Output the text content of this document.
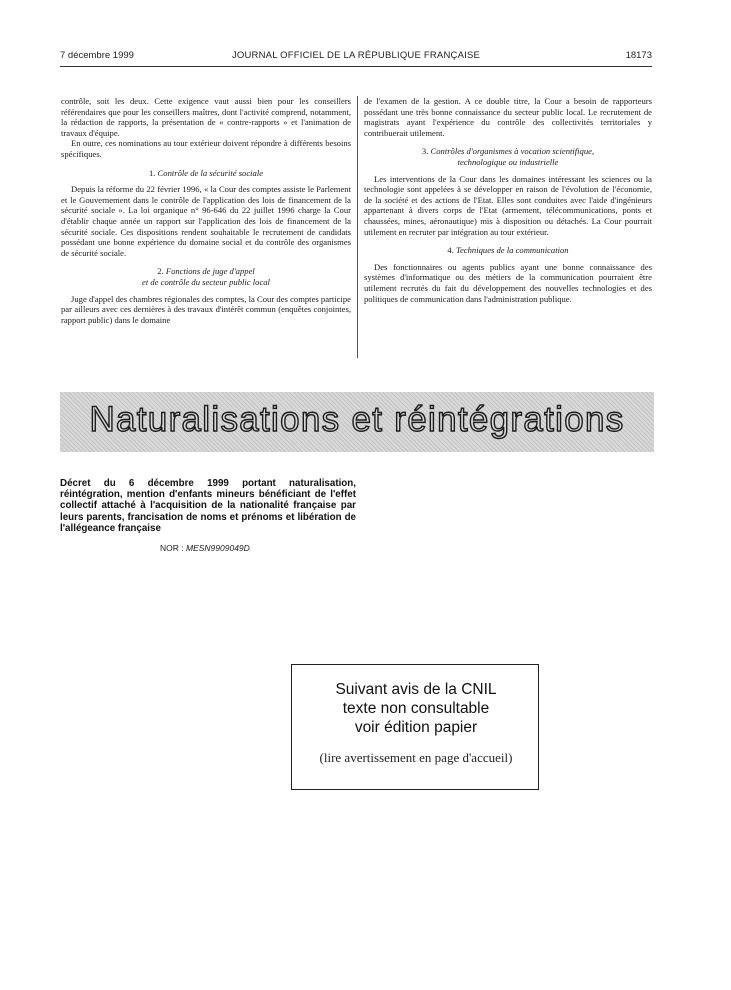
7 décembre 1999	JOURNAL OFFICIEL DE LA RÉPUBLIQUE FRANÇAISE	18173

contrôle, soit les deux. Cette exigence vaut aussi bien pour les conseillers référendaires que pour les conseillers maîtres, dont l'activité comprend, notamment, la rédaction de rapports, la présentation de « contre-rapports » et l'animation de travaux d'équipe.

En outre, ces nominations au tour extérieur doivent répondre à différents besoins spécifiques.

1. Contrôle de la sécurité sociale

Depuis la réforme du 22 février 1996, « la Cour des comptes assiste le Parlement et le Gouvernement dans le contrôle de l'application des lois de financement de la sécurité sociale ». La loi organique n° 96-646 du 22 juillet 1996 charge la Cour d'établir chaque année un rapport sur l'application des lois de financement de la sécurité sociale. Ces dispositions rendent souhaitable le recrutement de candidats possédant une bonne expérience du domaine social et du contrôle des organismes de sécurité sociale.

2. Fonctions de juge d'appel
et de contrôle du secteur public local

Juge d'appel des chambres régionales des comptes, la Cour des comptes participe par ailleurs avec ces dernières à des travaux d'intérêt commun (enquêtes conjointes, rapport public) dans le domaine

de l'examen de la gestion. A ce double titre, la Cour a besoin de rapporteurs possédant une très bonne connaissance du secteur public local. Le recrutement de magistrats ayant l'expérience du contrôle des collectivités territoriales y contribuerait utilement.

3. Contrôles d'organismes à vocation scientifique,
technologique ou industrielle

Les interventions de la Cour dans les domaines intéressant les sciences ou la technologie sont appelées à se développer en raison de l'évolution de l'économie, de la société et des actions de l'Etat. Elles sont conduites avec l'aide d'ingénieurs appartenant à divers corps de l'Etat (armement, télécommunications, ponts et chaussées, mines, aéronautique) mis à disposition ou détachés. La Cour pourrait utilement en recruter par intégration au tour extérieur.

4. Techniques de la communication

Des fonctionnaires ou agents publics ayant une bonne connaissance des systèmes d'informatique ou des métiers de la communication pourraient être utilement recrutés du fait du développement des nouvelles technologies et des politiques de communication dans l'administration publique.

Naturalisations et réintégrations
Décret du 6 décembre 1999 portant naturalisation, réintégration, mention d'enfants mineurs bénéficiant de l'effet collectif attaché à l'acquisition de la nationalité française par leurs parents, francisation de noms et prénoms et libération de l'allégeance française
NOR : MESN9909049D
Suivant avis de la CNIL
texte non consultable
voir édition papier
(lire avertissement en page d'accueil)
